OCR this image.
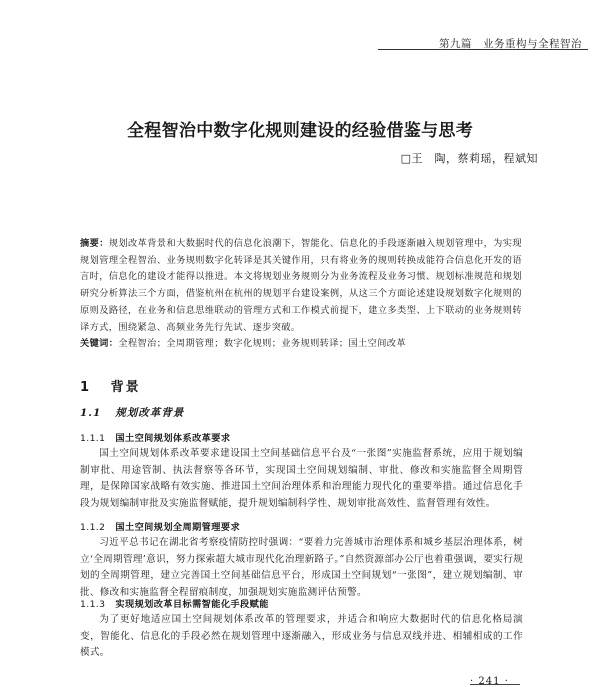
第九篇　业务重构与全程智治
全程智治中数字化规则建设的经验借鉴与思考
□王　陶，蔡莉瑶，程斌知
摘要：规划改革背景和大数据时代的信息化浪潮下，智能化、信息化的手段逐渐融入规划管理中，为实现规划管理全程智治、业务规则数字化转译是其关键作用，只有将业务的规则转换成能符合信息化开发的语言时，信息化的建设才能得以推进。本文将规划业务规则分为业务流程及业务习惯、规划标准规范和规划研究分析算法三个方面，借鉴杭州在杭州的规划平台建设案例，从这三个方面论述建设规划数字化规则的原则及路径，在业务和信息思维联动的管理方式和工作模式前提下，建立多类型、上下联动的业务规则转译方式，围绕紧急、高频业务先行先试、逐步突破。
关键词：全程智治；全周期管理；数字化规则；业务规则转译；国土空间改革
1 背景
1.1 规划改革背景
1.1.1 国土空间规划体系改革要求
国土空间规划体系改革要求建设国土空间基础信息平台及“一张图”实施监督系统，应用于规划编制审批、用途管制、执法督察等各环节，实现国土空间规划编制、审批、修改和实施监督全周期管理，是保障国家战略有效实施、推进国土空间治理体系和治理能力现代化的重要举措。通过信息化手段为规划编制审批及实施监督赋能，提升规划编制科学性、规划审批高效性、监督管理有效性。
1.1.2 国土空间规划全周期管理要求
习近平总书记在湖北省考察疫情防控时强调：“要着力完善城市治理体系和城乡基层治理体系，树立‘全周期管理’意识，努力探索超大城市现代化治理新路子。”自然资源部办公厅也着重强调，要实行规划的全周期管理，建立完善国土空间基础信息平台，形成国土空间规划“一张图”，建立规划编制、审批、修改和实施监督全程留痕制度，加强规划实施监测评估预警。
1.1.3 实现规划改革目标需智能化手段赋能
为了更好地适应国土空间规划体系改革的管理要求，并适合和响应大数据时代的信息化格局演变，智能化、信息化的手段必然在规划管理中逐渐融入，形成业务与信息双线并进、相辅相成的工作模式。
· 241 ·
